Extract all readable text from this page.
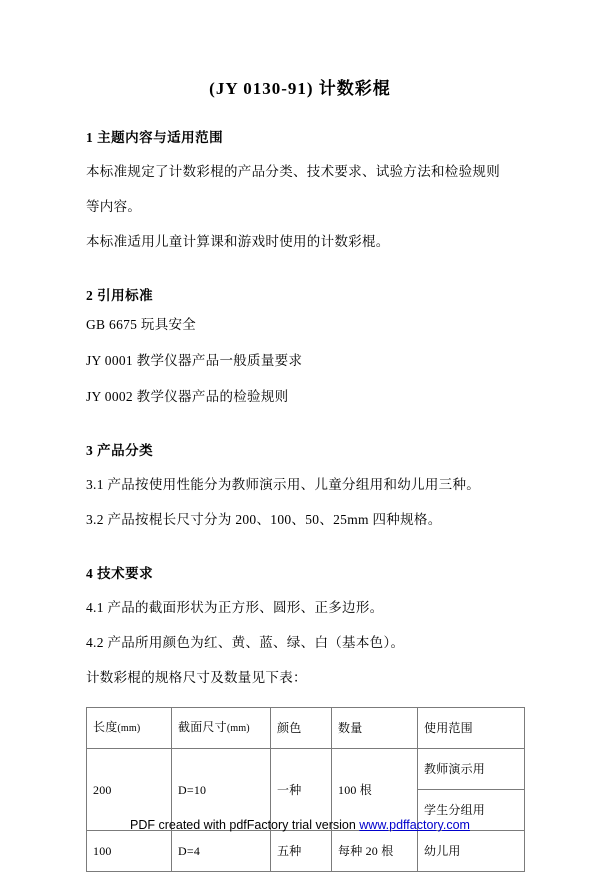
(JY 0130-91) 计数彩棍
1 主题内容与适用范围

本标准规定了计数彩棍的产品分类、技术要求、试验方法和检验规则

等内容。

本标准适用儿童计算课和游戏时使用的计数彩棍。

2 引用标准

GB 6675 玩具安全

JY 0001 教学仪器产品一般质量要求

JY 0002 教学仪器产品的检验规则

3 产品分类

3.1 产品按使用性能分为教师演示用、儿童分组用和幼儿用三种。

3.2 产品按棍长尺寸分为 200、100、50、25mm 四种规格。

4 技术要求

4.1 产品的截面形状为正方形、圆形、正多边形。

4.2 产品所用颜色为红、黄、蓝、绿、白（基本色）。

计数彩棍的规格尺寸及数量见下表：

长度(mm)	截面尺寸(mm)	颜色	数量	使用范围
200	D=10	一种	100 根	教师演示用
				学生分组用
100	D=4	五种	每种 20 根	幼儿用
PDF created with pdfFactory trial version www.pdffactory.com
